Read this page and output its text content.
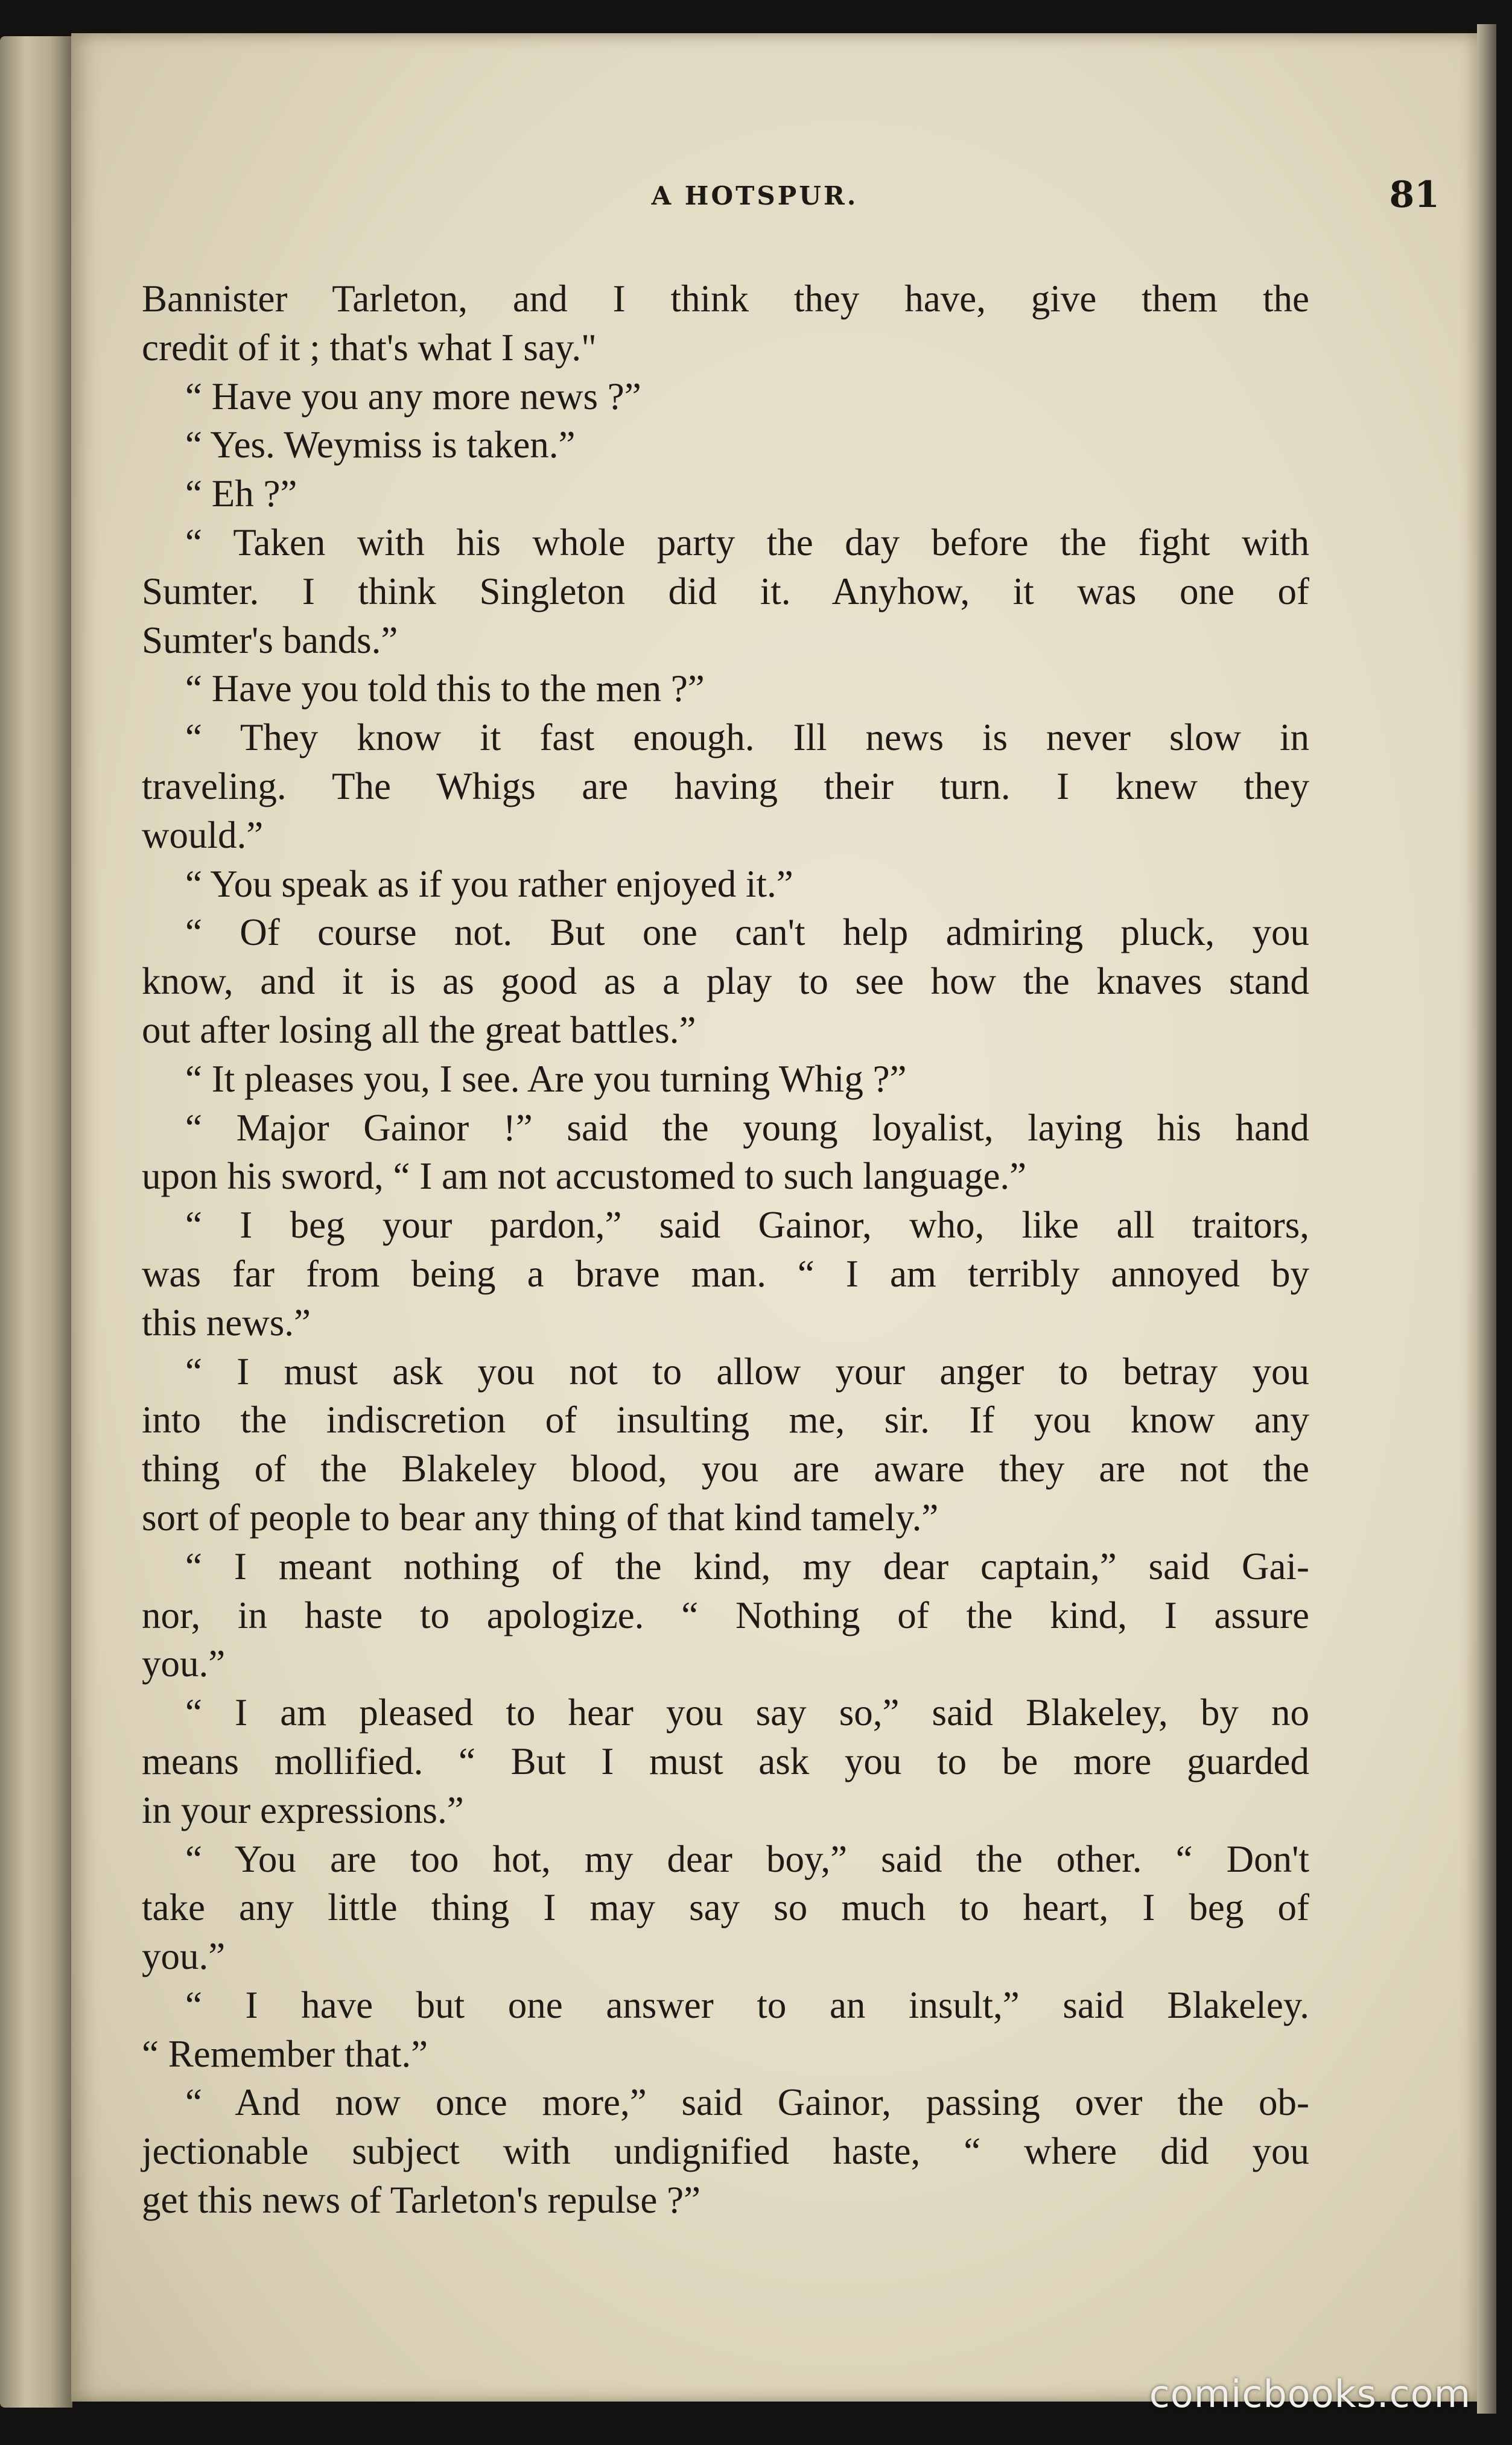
A HOTSPUR.	81
Bannister Tarleton, and I think they have, give them the
credit of it ; that's what I say."
“ Have you any more news ?”
“ Yes. Weymiss is taken.”
“ Eh ?”
“ Taken with his whole party the day before the fight with
Sumter. I think Singleton did it. Anyhow, it was one of
Sumter's bands.”
“ Have you told this to the men ?”
“ They know it fast enough. Ill news is never slow in
traveling. The Whigs are having their turn. I knew they
would.”
“ You speak as if you rather enjoyed it.”
“ Of course not. But one can't help admiring pluck, you
know, and it is as good as a play to see how the knaves stand
out after losing all the great battles.”
“ It pleases you, I see. Are you turning Whig ?”
“ Major Gainor !” said the young loyalist, laying his hand
upon his sword, “ I am not accustomed to such language.”
“ I beg your pardon,” said Gainor, who, like all traitors,
was far from being a brave man. “ I am terribly annoyed by
this news.”
“ I must ask you not to allow your anger to betray you
into the indiscretion of insulting me, sir. If you know any
thing of the Blakeley blood, you are aware they are not the
sort of people to bear any thing of that kind tamely.”
“ I meant nothing of the kind, my dear captain,” said Gai-
nor, in haste to apologize. “ Nothing of the kind, I assure
you.”
“ I am pleased to hear you say so,” said Blakeley, by no
means mollified. “ But I must ask you to be more guarded
in your expressions.”
“ You are too hot, my dear boy,” said the other. “ Don't
take any little thing I may say so much to heart, I beg of
you.”
“ I have but one answer to an insult,” said Blakeley.
“ Remember that.”
“ And now once more,” said Gainor, passing over the ob-
jectionable subject with undignified haste, “ where did you
get this news of Tarleton's repulse ?”
comicbooks.com
